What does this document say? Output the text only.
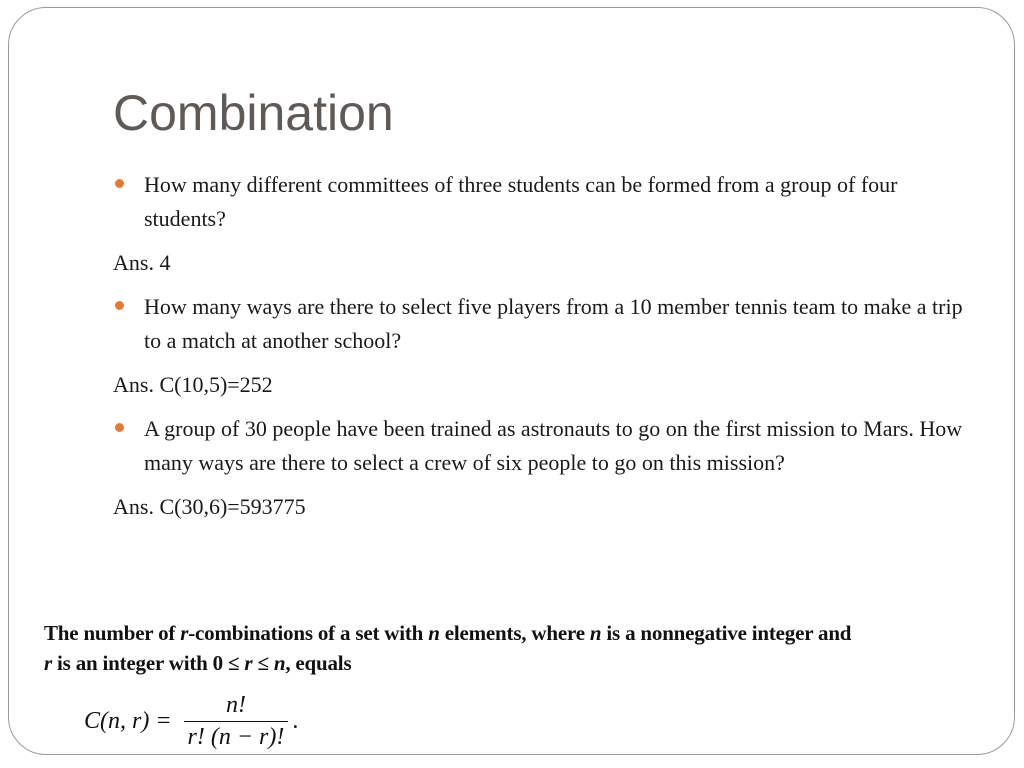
Combination
How many different committees of three students can be formed from a group of four students?
Ans. 4
How many ways are there to select five players from a 10 member tennis team to make a trip to a match at another school?
Ans. C(10,5)=252
A group of 30 people have been trained as astronauts to go on the first mission to Mars. How many ways are there to select a crew of six people to go on this mission?
Ans. C(30,6)=593775
The number of r-combinations of a set with n elements, where n is a nonnegative integer and
r is an integer with 0 ≤ r ≤ n, equals
C(n, $r) = \frac{n!}{r! (n - r)!}$ .
